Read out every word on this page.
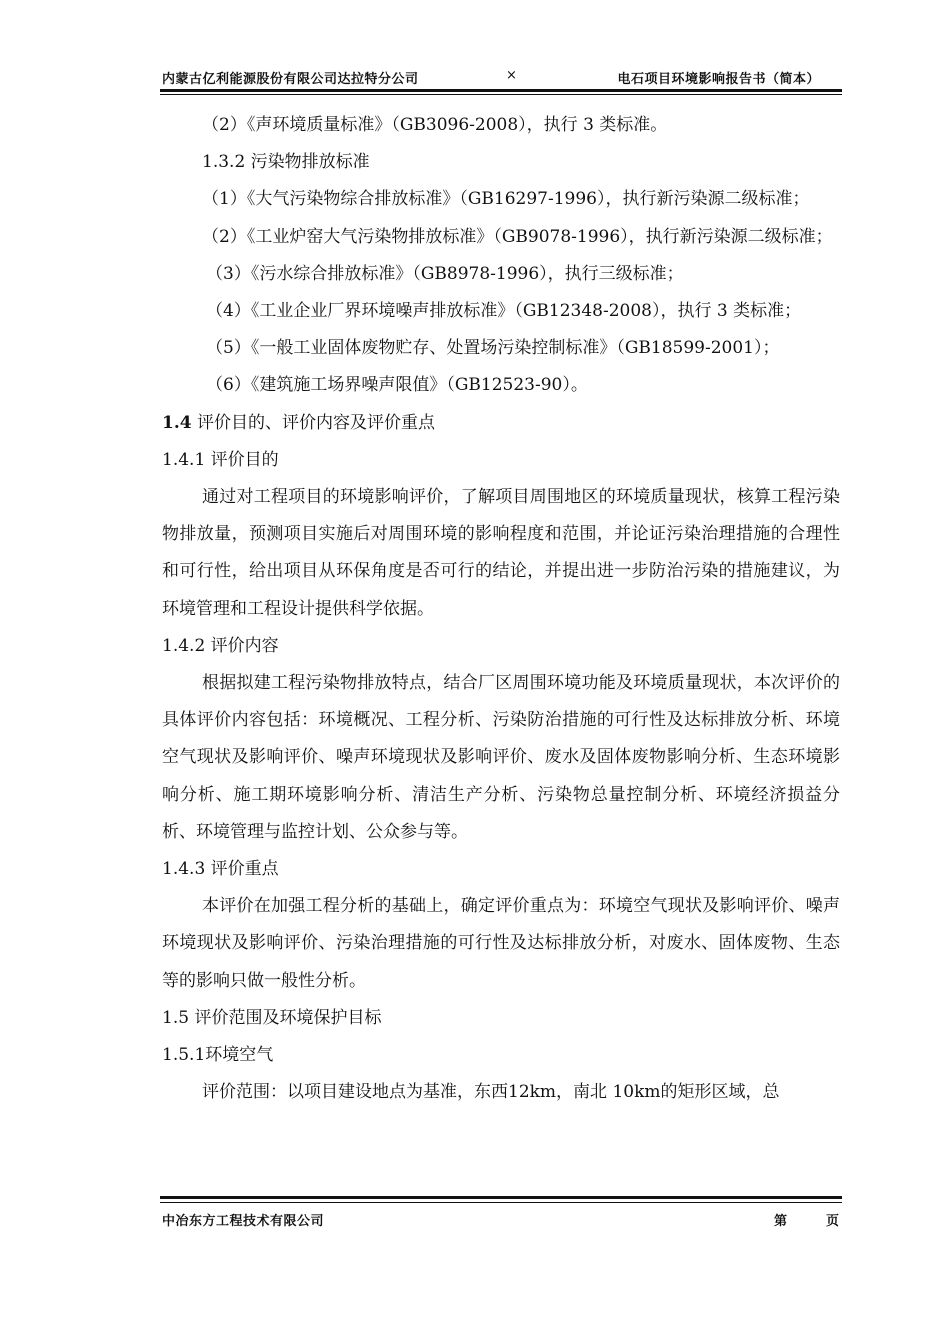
内蒙古亿利能源股份有限公司达拉特分公司	×	电石项目环境影响报告书（简本）

（2）《声环境质量标准》（GB3096-2008），执行 3 类标准。

1.3.2 污染物排放标准

（1）《大气污染物综合排放标准》（GB16297-1996），执行新污染源二级标准；

（2）《工业炉窑大气污染物排放标准》（GB9078-1996），执行新污染源二级标准；

（3）《污水综合排放标准》（GB8978-1996），执行三级标准；

（4）《工业企业厂界环境噪声排放标准》（GB12348-2008），执行 3 类标准；

（5）《一般工业固体废物贮存、处置场污染控制标准》（GB18599-2001）；

（6）《建筑施工场界噪声限值》（GB12523-90）。

1.4 评价目的、评价内容及评价重点

1.4.1 评价目的

通过对工程项目的环境影响评价，了解项目周围地区的环境质量现状，核算工程污染物排放量，预测项目实施后对周围环境的影响程度和范围，并论证污染治理措施的合理性和可行性，给出项目从环保角度是否可行的结论，并提出进一步防治污染的措施建议，为环境管理和工程设计提供科学依据。

1.4.2 评价内容

根据拟建工程污染物排放特点，结合厂区周围环境功能及环境质量现状，本次评价的具体评价内容包括：环境概况、工程分析、污染防治措施的可行性及达标排放分析、环境空气现状及影响评价、噪声环境现状及影响评价、废水及固体废物影响分析、生态环境影响分析、施工期环境影响分析、清洁生产分析、污染物总量控制分析、环境经济损益分析、环境管理与监控计划、公众参与等。

1.4.3 评价重点

本评价在加强工程分析的基础上，确定评价重点为：环境空气现状及影响评价、噪声环境现状及影响评价、污染治理措施的可行性及达标排放分析，对废水、固体废物、生态等的影响只做一般性分析。

1.5 评价范围及环境保护目标

1.5.1环境空气

评价范围：以项目建设地点为基准，东西12km，南北 10km的矩形区域，总

中冶东方工程技术有限公司	第	页
